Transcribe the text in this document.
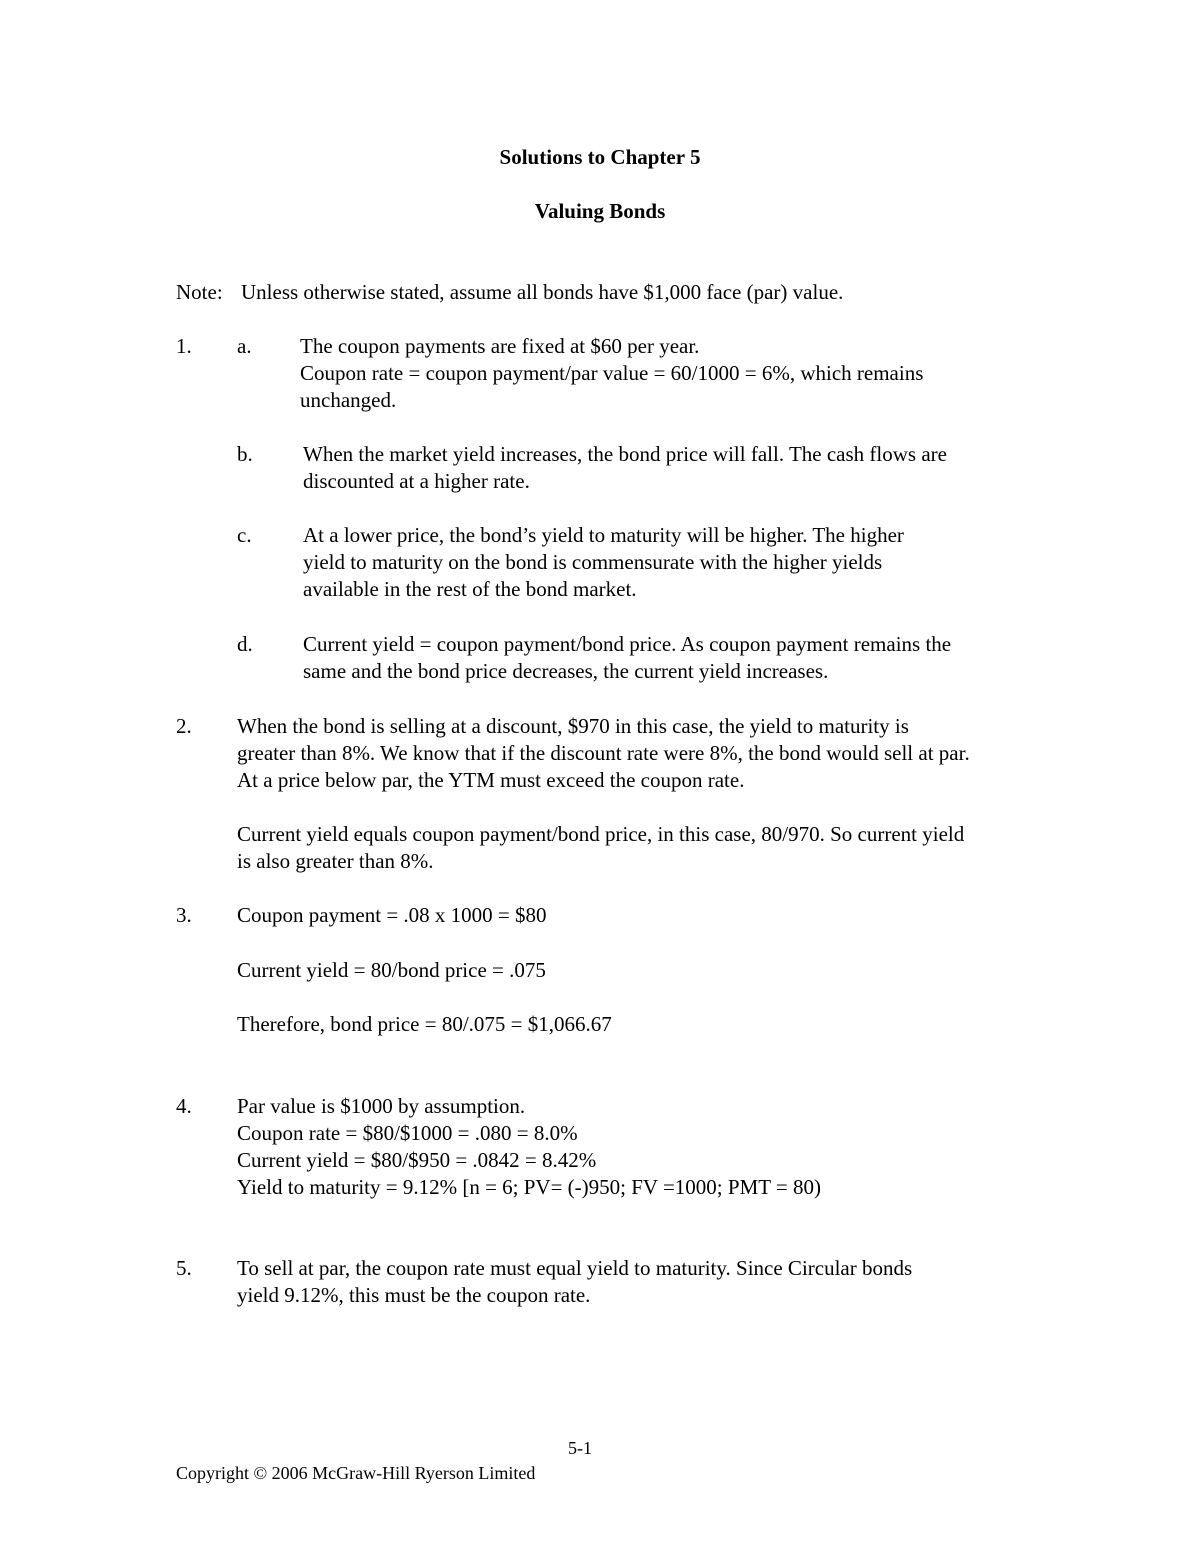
Solutions to Chapter 5
Valuing Bonds
Note: Unless otherwise stated, assume all bonds have $1,000 face (par) value.
1. a. The coupon payments are fixed at $60 per year.
Coupon rate = coupon payment/par value = 60/1000 = 6%, which remains
unchanged.
b. When the market yield increases, the bond price will fall. The cash flows are
discounted at a higher rate.
c. At a lower price, the bond’s yield to maturity will be higher. The higher
yield to maturity on the bond is commensurate with the higher yields
available in the rest of the bond market.
d. Current yield = coupon payment/bond price. As coupon payment remains the
same and the bond price decreases, the current yield increases.
2. When the bond is selling at a discount, $970 in this case, the yield to maturity is
greater than 8%. We know that if the discount rate were 8%, the bond would sell at par.
At a price below par, the YTM must exceed the coupon rate.
Current yield equals coupon payment/bond price, in this case, 80/970. So current yield
is also greater than 8%.
3. Coupon payment = .08 x 1000 = $80
Current yield = 80/bond price = .075
Therefore, bond price = 80/.075 = $1,066.67
4. Par value is $1000 by assumption.
Coupon rate = $80/$1000 = .080 = 8.0%
Current yield = $80/$950 = .0842 = 8.42%
Yield to maturity = 9.12% [n = 6; PV= (-)950; FV =1000; PMT = 80)
5. To sell at par, the coupon rate must equal yield to maturity. Since Circular bonds
yield 9.12%, this must be the coupon rate.
5-1
Copyright © 2006 McGraw-Hill Ryerson Limited
